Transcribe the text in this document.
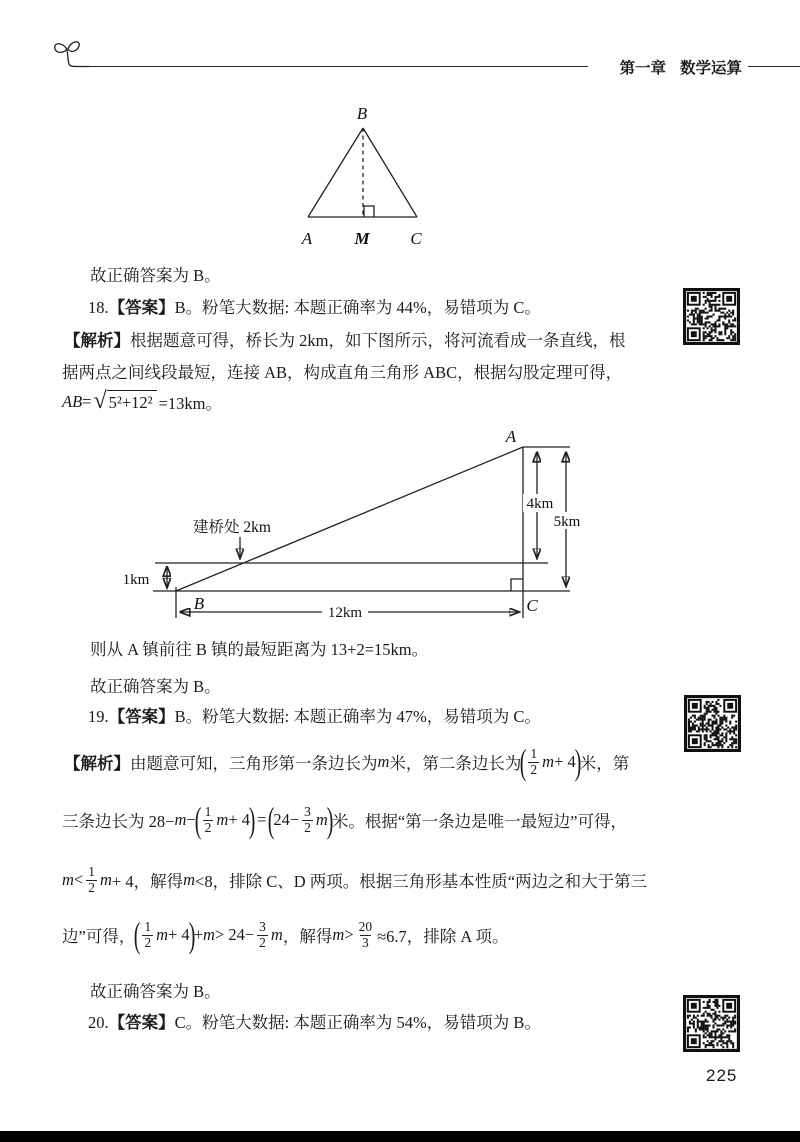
第一章 数学运算
B
A M C
故正确答案为 B。
18.【答案】B。粉笔大数据: 本题正确率为 44%，易错项为 C。
【解析】根据题意可得，桥长为 2km，如下图所示，将河流看成一条直线，根
据两点之间线段最短，连接 AB，构成直角三角形 ABC，根据勾股定理可得，
AB = √ 5²+12² =13km。
A
B	C
建桥处 2km
1km
4km
5km
12km
则从 A 镇前往 B 镇的最短距离为 13+2=15km。
故正确答案为 B。
19.【答案】B。粉笔大数据: 本题正确率为 47%，易错项为 C。
【解析】 由题意可知，三角形第一条边长为 m 米，第二条边长为
( $\frac{1}{2}$ m + 4
)
米，第
三条边长为 28− m −
( $\frac{1}{2}$ m + 4
) = (
$24- \frac{3}{2}$ m
)
米。根据“第一条边是唯一最短边”可得，
$m < \frac{1}{2}$ m + 4，解得 m <8，排除 C、D 两项。根据三角形基本性质“两边之和大于第三
边”可得，
( $\frac{1}{2}$ m + 4
)
+ $m > 24- \frac{3}{2}$ m ，解得 $m > \frac{20}{3} \approx 6.7$，排除 A 项。
故正确答案为 B。
20.【答案】C。粉笔大数据: 本题正确率为 54%，易错项为 B。
225
